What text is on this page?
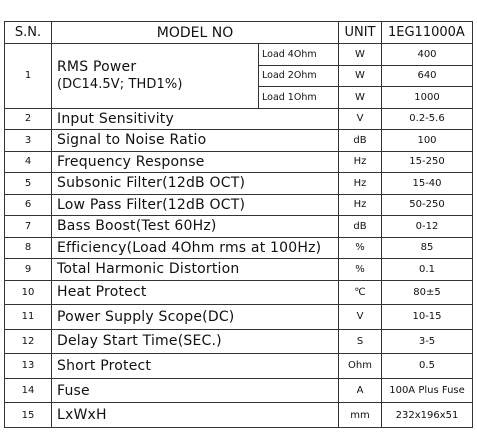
S.N.	MODEL NO		UNIT	1EG11000A
1	RMS Power
(DC14.5V; THD1%)	Load 4Ohm	W	400
		Load 2Ohm	W	640
		Load 1Ohm	W	1000
2	Input Sensitivity		V	0.2-5.6
3	Signal to Noise Ratio		dB	100
4	Frequency Response		Hz	15-250
5	Subsonic Filter(12dB OCT)		Hz	15-40
6	Low Pass Filter(12dB OCT)		Hz	50-250
7	Bass Boost(Test 60Hz)		dB	0-12
8	Efficiency(Load 4Ohm rms at 100Hz)		%	85
9	Total Harmonic Distortion		%	0.1
10	Heat Protect		℃	80±5
11	Power Supply Scope(DC)		V	10-15
12	Delay Start Time(SEC.)		S	3-5
13	Short Protect		Ohm	0.5
14	Fuse		A	100A Plus Fuse
15	LxWxH		mm	232x196x51
